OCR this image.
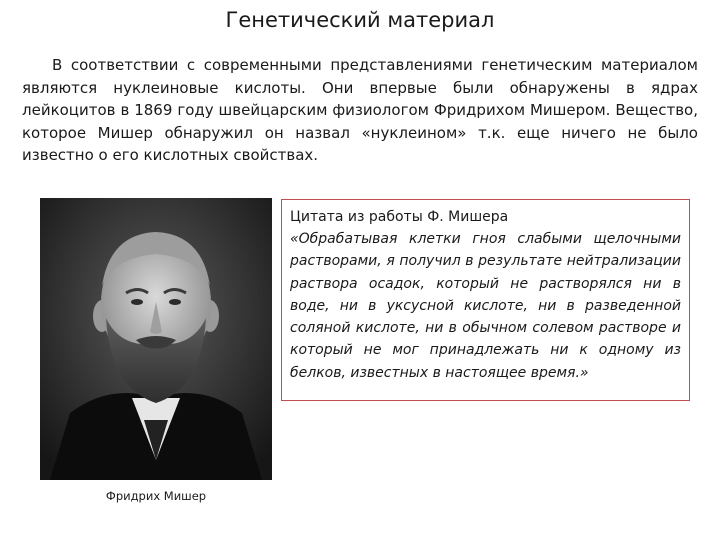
Генетический материал

В соответствии с современными представлениями генетическим материалом являются нуклеиновые кислоты. Они впервые были обнаружены в ядрах лейкоцитов в 1869 году швейцарским физиологом Фридрихом Мишером. Вещество, которое Мишер обнаружил он назвал «нуклеином» т.к. еще ничего не было известно о его кислотных свойствах.

Фридрих Мишер

Цитата из работы Ф. Мишера

«Обрабатывая клетки гноя слабыми щелочными растворами, я получил в результате нейтрализации раствора осадок, который не растворялся ни в воде, ни в уксусной кислоте, ни в разведенной соляной кислоте, ни в обычном солевом растворе и который не мог принадлежать ни к одному из белков, известных в настоящее время.»
